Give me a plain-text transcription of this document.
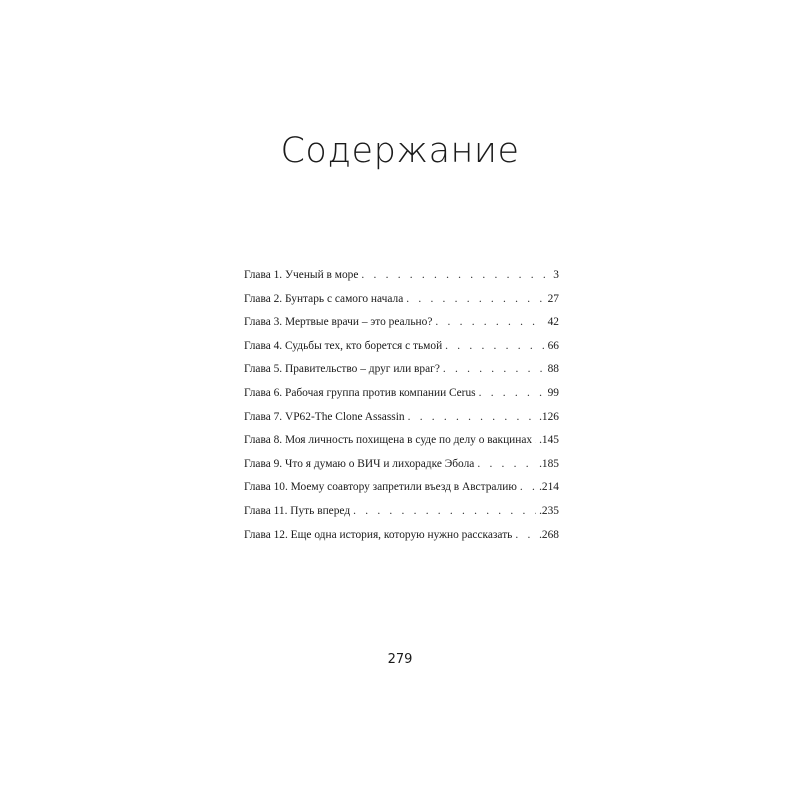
Содержание
Глава 1. Ученый в море . . .	3
Глава 2. Бунтарь с самого начала . . .	27
Глава 3. Мертвые врачи – это реально? . . .	42
Глава 4. Судьбы тех, кто борется с тьмой . . .	66
Глава 5. Правительство – друг или враг? . . .	88
Глава 6. Рабочая группа против компании Cerus . . .	99
Глава 7. VP62-The Clone Assassin . . .	.126
Глава 8. Моя личность похищена в суде по делу о вакцинах . . . .145
Глава 9. Что я думаю о ВИЧ и лихорадке Эбола . . .	.185
Глава 10. Моему соавтору запретили въезд в Австралию . . . .214
Глава 11. Путь вперед . . .	.235
Глава 12. Еще одна история, которую нужно рассказать . . . .268
279
